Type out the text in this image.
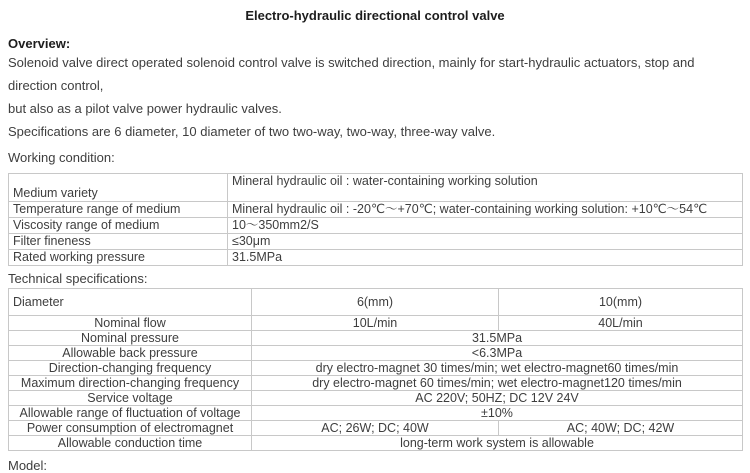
Electro-hydraulic directional control valve
Overview:
Solenoid valve direct operated solenoid control valve is switched direction, mainly for start-hydraulic actuators, stop and direction control,
but also as a pilot valve power hydraulic valves.
Specifications are 6 diameter, 10 diameter of two two-way, two-way, three-way valve.
Working condition:
Medium variety	Mineral hydraulic oil : water-containing working solution
Temperature range of medium	Mineral hydraulic oil : -20℃～+70℃; water-containing working solution: +10℃～54℃
Viscosity range of medium	10～350mm2/S
Filter fineness	≤30μm
Rated working pressure	31.5MPa
Technical specifications:
Diameter	6(mm)	10(mm)
Nominal flow	10L/min	40L/min
Nominal pressure	31.5MPa	
Allowable back pressure	<6.3MPa	
Direction-changing frequency	dry electro-magnet 30 times/min; wet electro-magnet60 times/min	
Maximum direction-changing frequency	dry electro-magnet 60 times/min; wet electro-magnet120 times/min	
Service voltage	AC 220V; 50HZ; DC 12V 24V	
Allowable range of fluctuation of voltage	±10%	
Power consumption of electromagnet	AC; 26W; DC; 40W	AC; 40W; DC; 42W
Allowable conduction time	long-term work system is allowable	
Model:
